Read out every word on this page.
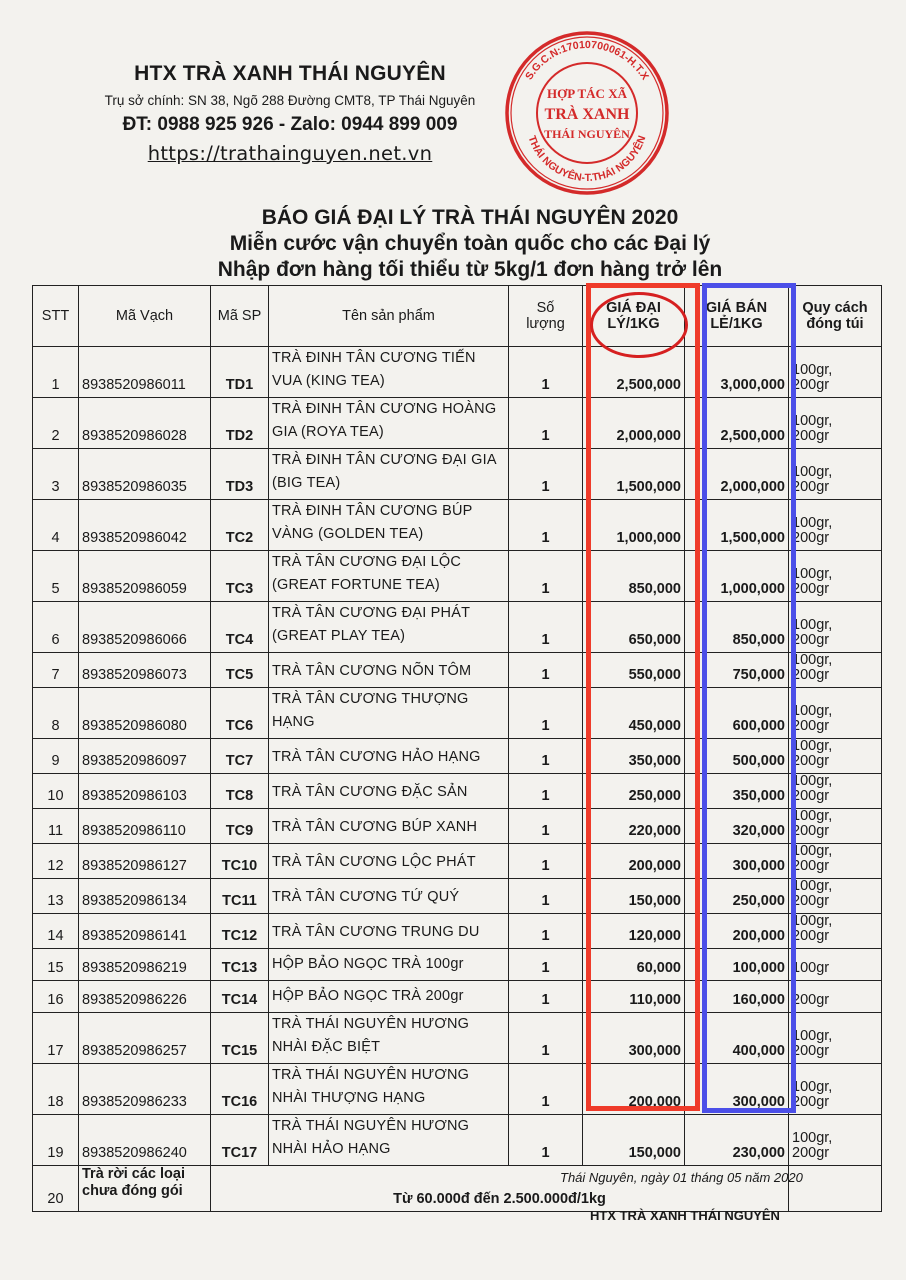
HTX TRÀ XANH THÁI NGUYÊN
Trụ sở chính: SN 38, Ngõ 288 Đường CMT8, TP Thái Nguyên
ĐT: 0988 925 926 - Zalo: 0944 899 009
https://trathainguyen.net.vn
S.G.C.N:17010700061-H.T.X
THÁI NGUYÊN-T.THÁI NGUYÊN
HỢP TÁC XÃ
TRÀ XANH
THÁI NGUYÊN
BÁO GIÁ ĐẠI LÝ TRÀ THÁI NGUYÊN 2020
Miễn cước vận chuyển toàn quốc cho các Đại lý
Nhập đơn hàng tối thiểu từ 5kg/1 đơn hàng trở lên
STT	Mã Vạch	Mã SP	Tên sản phẩm	Số
lượng	GIÁ ĐẠI
LÝ/1KG	GIÁ BÁN
LẺ/1KG	Quy cách
đóng túi
1	8938520986011	TD1	TRÀ ĐINH TÂN CƯƠNG TIẾN
VUA (KING TEA)	1	2,500,000	3,000,000	100gr,
200gr
2	8938520986028	TD2	TRÀ ĐINH TÂN CƯƠNG HOÀNG
GIA (ROYA TEA)	1	2,000,000	2,500,000	100gr,
200gr
3	8938520986035	TD3	TRÀ ĐINH TÂN CƯƠNG ĐẠI GIA
(BIG TEA)	1	1,500,000	2,000,000	100gr,
200gr
4	8938520986042	TC2	TRÀ ĐINH TÂN CƯƠNG BÚP
VÀNG (GOLDEN TEA)	1	1,000,000	1,500,000	100gr,
200gr
5	8938520986059	TC3	TRÀ TÂN CƯƠNG ĐẠI LỘC
(GREAT FORTUNE TEA)	1	850,000	1,000,000	100gr,
200gr
6	8938520986066	TC4	TRÀ TÂN CƯƠNG ĐẠI PHÁT
(GREAT PLAY TEA)	1	650,000	850,000	100gr,
200gr
7	8938520986073	TC5	TRÀ TÂN CƯƠNG NÕN TÔM	1	550,000	750,000	100gr,
200gr
8	8938520986080	TC6	TRÀ TÂN CƯƠNG THƯỢNG
HẠNG	1	450,000	600,000	100gr,
200gr
9	8938520986097	TC7	TRÀ TÂN CƯƠNG HẢO HẠNG	1	350,000	500,000	100gr,
200gr
10	8938520986103	TC8	TRÀ TÂN CƯƠNG ĐẶC SẢN	1	250,000	350,000	100gr,
200gr
11	8938520986110	TC9	TRÀ TÂN CƯƠNG BÚP XANH	1	220,000	320,000	100gr,
200gr
12	8938520986127	TC10	TRÀ TÂN CƯƠNG LỘC PHÁT	1	200,000	300,000	100gr,
200gr
13	8938520986134	TC11	TRÀ TÂN CƯƠNG TỨ QUÝ	1	150,000	250,000	100gr,
200gr
14	8938520986141	TC12	TRÀ TÂN CƯƠNG TRUNG DU	1	120,000	200,000	100gr,
200gr
15	8938520986219	TC13	HỘP BẢO NGỌC TRÀ 100gr	1	60,000	100,000	100gr
16	8938520986226	TC14	HỘP BẢO NGỌC TRÀ 200gr	1	110,000	160,000	200gr
17	8938520986257	TC15	TRÀ THÁI NGUYÊN HƯƠNG
NHÀI ĐẶC BIỆT	1	300,000	400,000	100gr,
200gr
18	8938520986233	TC16	TRÀ THÁI NGUYÊN HƯƠNG
NHÀI THƯỢNG HẠNG	1	200,000	300,000	100gr,
200gr
19	8938520986240	TC17	TRÀ THÁI NGUYÊN HƯƠNG
NHÀI HẢO HẠNG	1	150,000	230,000	100gr,
200gr
20	Trà rời các loại
chưa đóng gói	Từ 60.000đ đến 2.500.000đ/1kg					
Thái Nguyên, ngày 01 tháng 05 năm 2020
HTX TRÀ XANH THÁI NGUYÊN
